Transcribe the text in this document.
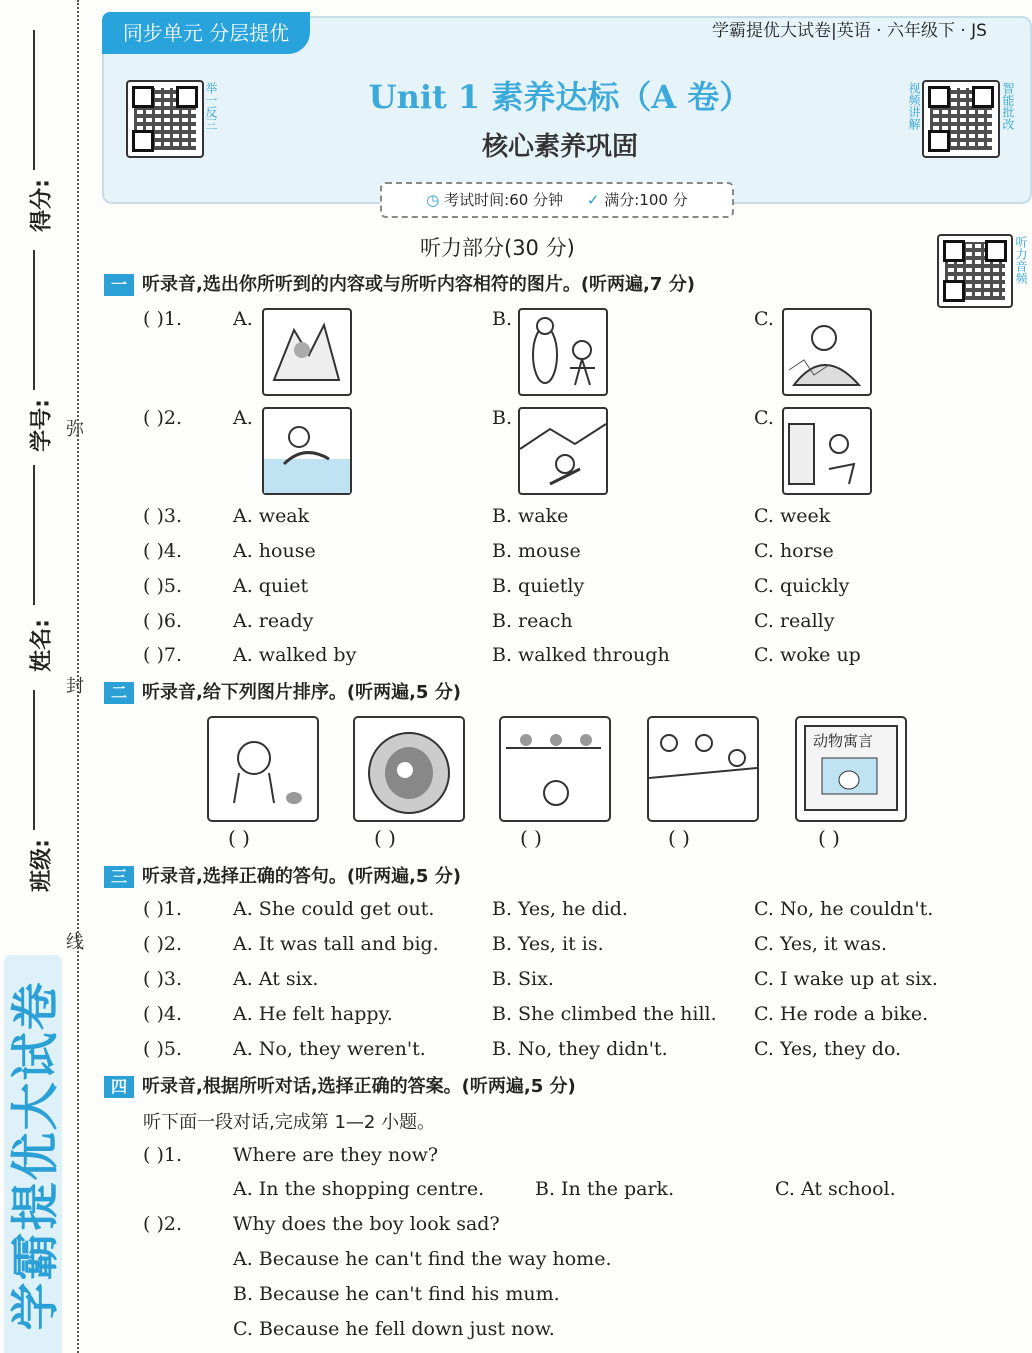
得分:
学号:
姓名:
班级:
弥
封
线
学霸提优大试卷
同步单元 分层提优	学霸提优大试卷|英语 · 六年级下 · JS
举一反三	Unit 1 素养达标（A 卷）
核心素养巩固
视频讲解	智能批改
◷ 考试时间:60 分钟 ✓ 满分:100 分
听力部分(30 分)	听力音频
一 听录音,选出你所听到的内容或与所听内容相符的图片。(听两遍,7 分)
( )1.	A.	B.	C.
( )2.	A.	B.	C.
( )3.	A. weak	B. wake	C. week
( )4.	A. house	B. mouse	C. horse
( )5.	A. quiet	B. quietly	C. quickly
( )6.	A. ready	B. reach	C. really
( )7.	A. walked by	B. walked through	C. woke up
二 听录音,给下列图片排序。(听两遍,5 分)
动物寓言
( )	( )	( )	( )	( )
三 听录音,选择正确的答句。(听两遍,5 分)
( )1.	A. She could get out.	B. Yes, he did.	C. No, he couldn't.
( )2.	A. It was tall and big.	B. Yes, it is.	C. Yes, it was.
( )3.	A. At six.	B. Six.	C. I wake up at six.
( )4.	A. He felt happy.	B. She climbed the hill. C. He rode a bike.
( )5.	A. No, they weren't.	B. No, they didn't.	C. Yes, they do.
四 听录音,根据所听对话,选择正确的答案。(听两遍,5 分)
听下面一段对话,完成第 1—2 小题。
( )1.	Where are they now?
A. In the shopping centre.	B. In the park.	C. At school.
( )2.	Why does the boy look sad?
A. Because he can't find the way home.
B. Because he can't find his mum.
C. Because he fell down just now.
